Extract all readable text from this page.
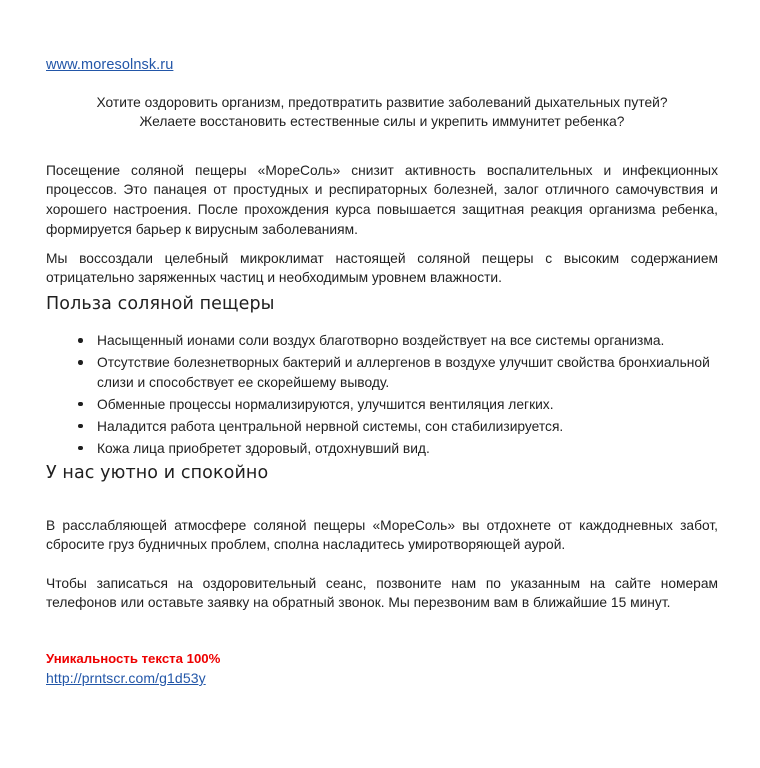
www.moresolnsk.ru
Хотите оздоровить организм, предотвратить развитие заболеваний дыхательных путей?
Желаете восстановить естественные силы и укрепить иммунитет ребенка?

Посещение соляной пещеры «МореСоль» снизит активность воспалительных и инфекционных процессов. Это панацея от простудных и респираторных болезней, залог отличного самочувствия и хорошего настроения. После прохождения курса повышается защитная реакция организма ребенка, формируется барьер к вирусным заболеваниям.

Мы воссоздали целебный микроклимат настоящей соляной пещеры с высоким содержанием отрицательно заряженных частиц и необходимым уровнем влажности.

Польза соляной пещеры
Насыщенный ионами соли воздух благотворно воздействует на все системы организма.
Отсутствие болезнетворных бактерий и аллергенов в воздухе улучшит свойства бронхиальной слизи и способствует ее скорейшему выводу.
Обменные процессы нормализируются, улучшится вентиляция легких.
Наладится работа центральной нервной системы, сон стабилизируется.
Кожа лица приобретет здоровый, отдохнувший вид.
У нас уютно и спокойно

В расслабляющей атмосфере соляной пещеры «МореСоль» вы отдохнете от каждодневных забот, сбросите груз будничных проблем, сполна насладитесь умиротворяющей аурой.

Чтобы записаться на оздоровительный сеанс, позвоните нам по указанным на сайте номерам телефонов или оставьте заявку на обратный звонок. Мы перезвоним вам в ближайшие 15 минут.

Уникальность текста 100%
http://prntscr.com/g1d53y
